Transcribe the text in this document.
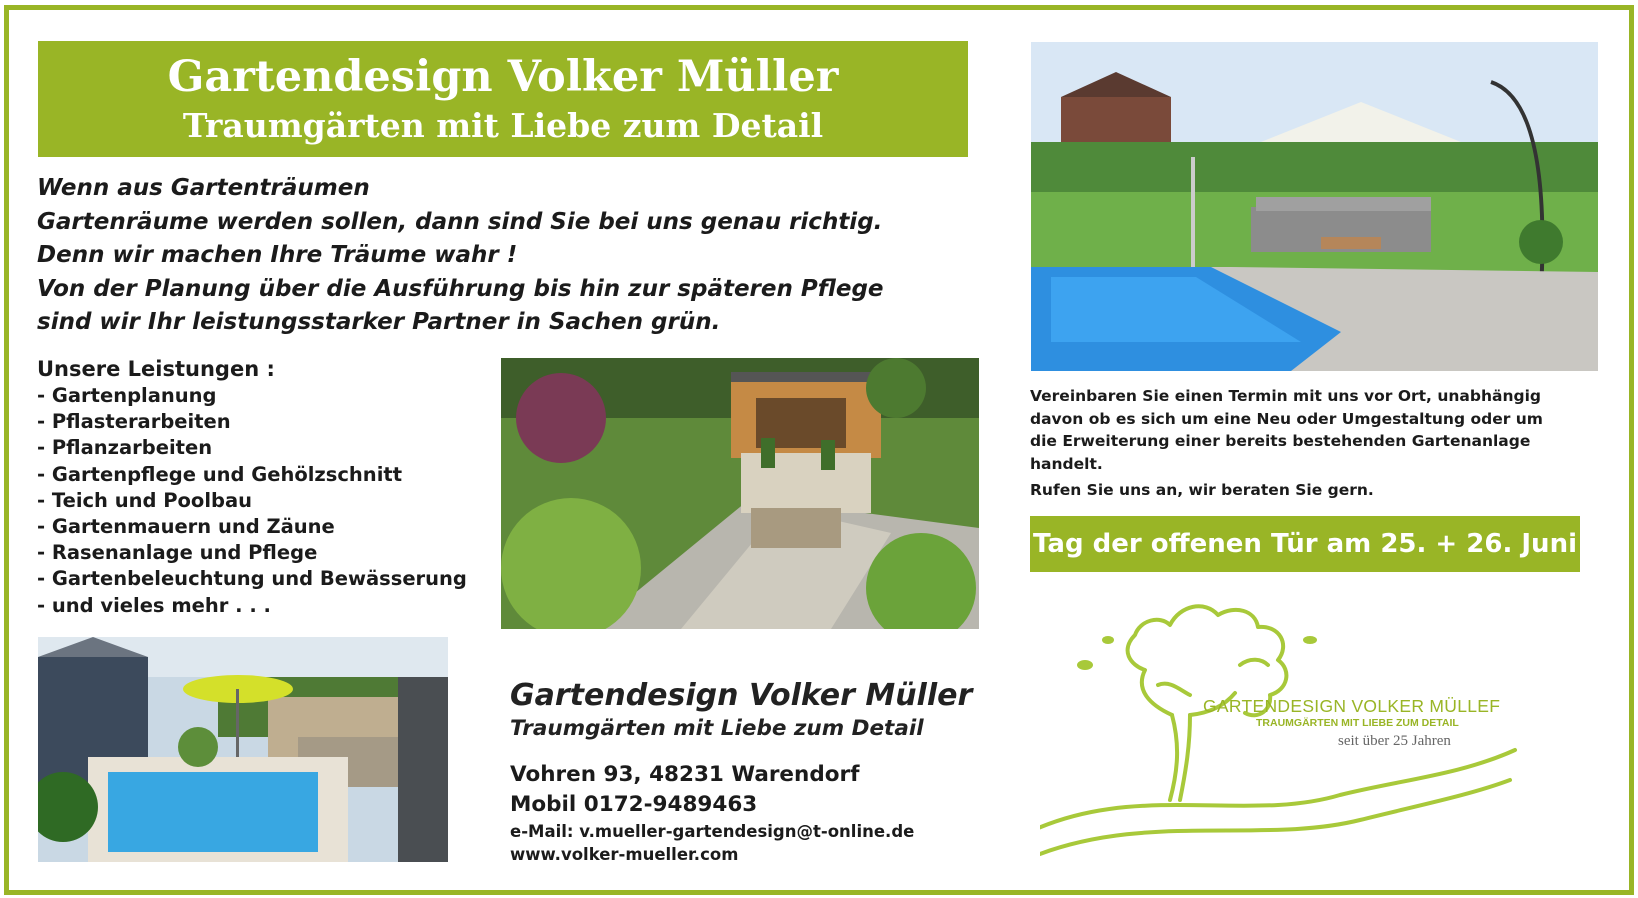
Gartendesign Volker Müller
Traumgärten mit Liebe zum Detail
Wenn aus Gartenträumen
Gartenräume werden sollen, dann sind Sie bei uns genau richtig.
Denn wir machen Ihre Träume wahr !
Von der Planung über die Ausführung bis hin zur späteren Pflege
sind wir Ihr leistungsstarker Partner in Sachen grün.
Unsere Leistungen :
- Gartenplanung
- Pflasterarbeiten
- Pflanzarbeiten
- Gartenpflege und Gehölzschnitt
- Teich und Poolbau
- Gartenmauern und Zäune
- Rasenanlage und Pflege
- Gartenbeleuchtung und Bewässerung
- und vieles mehr . . .
Gartendesign Volker Müller
Traumgärten mit Liebe zum Detail
Vohren 93, 48231 Warendorf
Mobil 0172-9489463
e-Mail: v.mueller-gartendesign@t-online.de
www.volker-mueller.com
Vereinbaren Sie einen Termin mit uns vor Ort, unabhängig
davon ob es sich um eine Neu oder Umgestaltung oder um
die Erweiterung einer bereits bestehenden Gartenanlage
handelt.
Rufen Sie uns an, wir beraten Sie gern.
Tag der offenen Tür am 25. + 26. Juni
GARTENDESIGN VOLKER MÜLLEF
TRAUMGÄRTEN MIT LIEBE ZUM DETAIL
seit über 25 Jahren
